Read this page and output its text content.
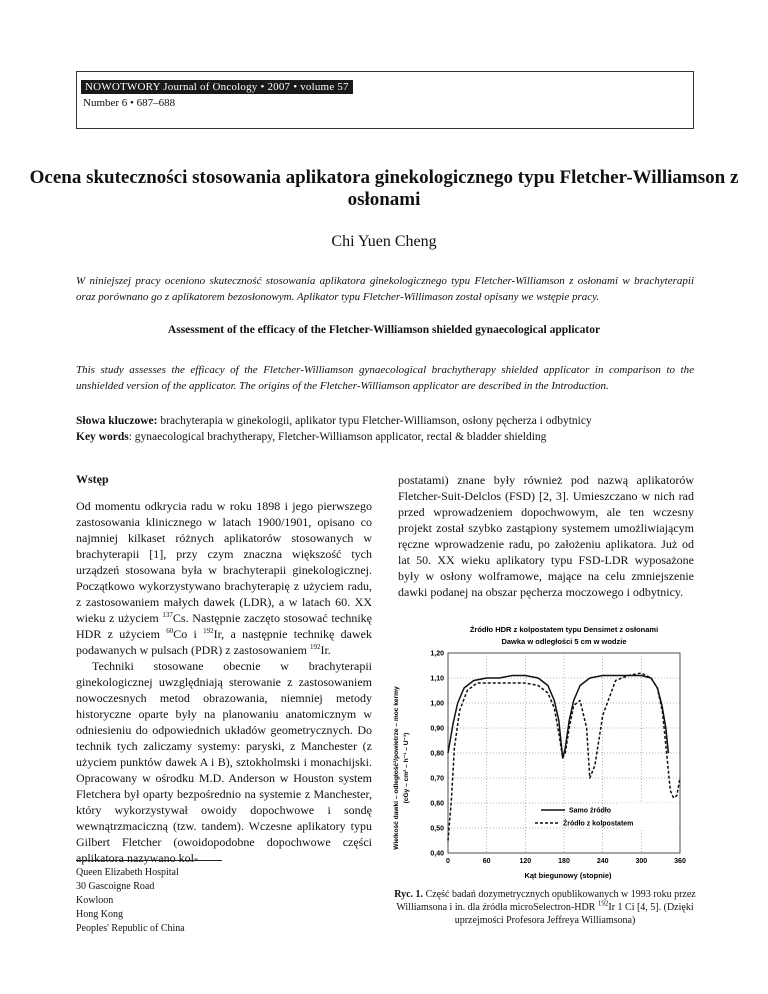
NOWOTWORY Journal of Oncology • 2007 • volume 57
Number 6 • 687–688
Ocena skuteczności stosowania aplikatora ginekologicznego typu Fletcher-Williamson z osłonami
Chi Yuen Cheng
W niniejszej pracy oceniono skuteczność stosowania aplikatora ginekologicznego typu Fletcher-Williamson z osłonami w brachyterapii oraz porównano go z aplikatorem bezosłonowym. Aplikator typu Fletcher-Willimason został opisany we wstępie pracy.
Assessment of the efficacy of the Fletcher-Williamson shielded gynaecological applicator
This study assesses the efficacy of the Fletcher-Williamson gynaecological brachytherapy shielded applicator in comparison to the unshielded version of the applicator. The origins of the Fletcher-Williamson applicator are described in the Introduction.
Słowa kluczowe: brachyterapia w ginekologii, aplikator typu Fletcher-Williamson, osłony pęcherza i odbytnicy
Key words: gynaecological brachytherapy, Fletcher-Williamson applicator, rectal & bladder shielding
Wstęp

Od momentu odkrycia radu w roku 1898 i jego pierwszego zastosowania klinicznego w latach 1900/1901, opisano co najmniej kilkaset różnych aplikatorów stosowanych w brachyterapii [1], przy czym znaczna większość tych urządzeń stosowana była w brachyterapii ginekologicznej. Początkowo wykorzystywano brachyterapię z użyciem radu, z zastosowaniem małych dawek (LDR), a w latach 60. XX wieku z użyciem $^{137}$Cs. Następnie zaczęto stosować technikę HDR z użyciem $^{60}$Co i $^{192}$Ir, a następnie technikę dawek podawanych w pulsach (PDR) z zastosowaniem $^{192}$Ir.

Techniki stosowane obecnie w brachyterapii ginekologicznej uwzględniają sterowanie z zastosowaniem nowoczesnych metod obrazowania, niemniej metody historyczne oparte były na planowaniu anatomicznym w odniesieniu do odpowiednich układów geometrycznych. Do technik tych zaliczamy systemy: paryski, z Manchester (z użyciem punktów dawek A i B), sztokholmski i monachijski. Opracowany w ośrodku M.D. Anderson w Houston system Fletchera był oparty bezpośrednio na systemie z Manchester, który wykorzystywał owoidy dopochwowe i sondę wewnątrzmaciczną (tzw. tandem). Wczesne aplikatory typu Gilbert Fletcher (owoidopodobne dopochwowe części aplikatora nazywano kol-

postatami) znane były również pod nazwą aplikatorów Fletcher-Suit-Delclos (FSD) [2, 3]. Umieszczano w nich rad przed wprowadzeniem dopochwowym, ale ten wczesny projekt został szybko zastąpiony systemem umożliwiającym ręczne wprowadzenie radu, po założeniu aplikatora. Już od lat 50. XX wieku aplikatory typu FSD-LDR wyposażone były w osłony wolframowe, mające na celu zmniejszenie dawki podanej na obszar pęcherza moczowego i odbytnicy.

Queen Elizabeth Hospital
30 Gascoigne Road
Kowloon
Hong Kong
Peoples' Republic of China
Źródło HDR z kolpostatem typu Densimet z osłonami
Dawka w odległości 5 cm w wodzie
Wielkość dawki – odległość²/powietrze – moc kermy (cGy – cm² – h⁻¹ – U⁻¹)
Kąt biegunowy (stopnie)
0,40
0,50
0,60
0,70
0,80
0,90
1,00
1,10
1,20
0	60	120	180	240	300	360
Samo źródło
Źródło z kolpostatem
Ryc. 1. Część badań dozymetrycznych opublikowanych w 1993 roku przez Williamsona i in. dla źródła microSelectron-HDR $^{192}$Ir 1 Ci [4, 5]. (Dzięki uprzejmości Profesora Jeffreya Williamsona)
